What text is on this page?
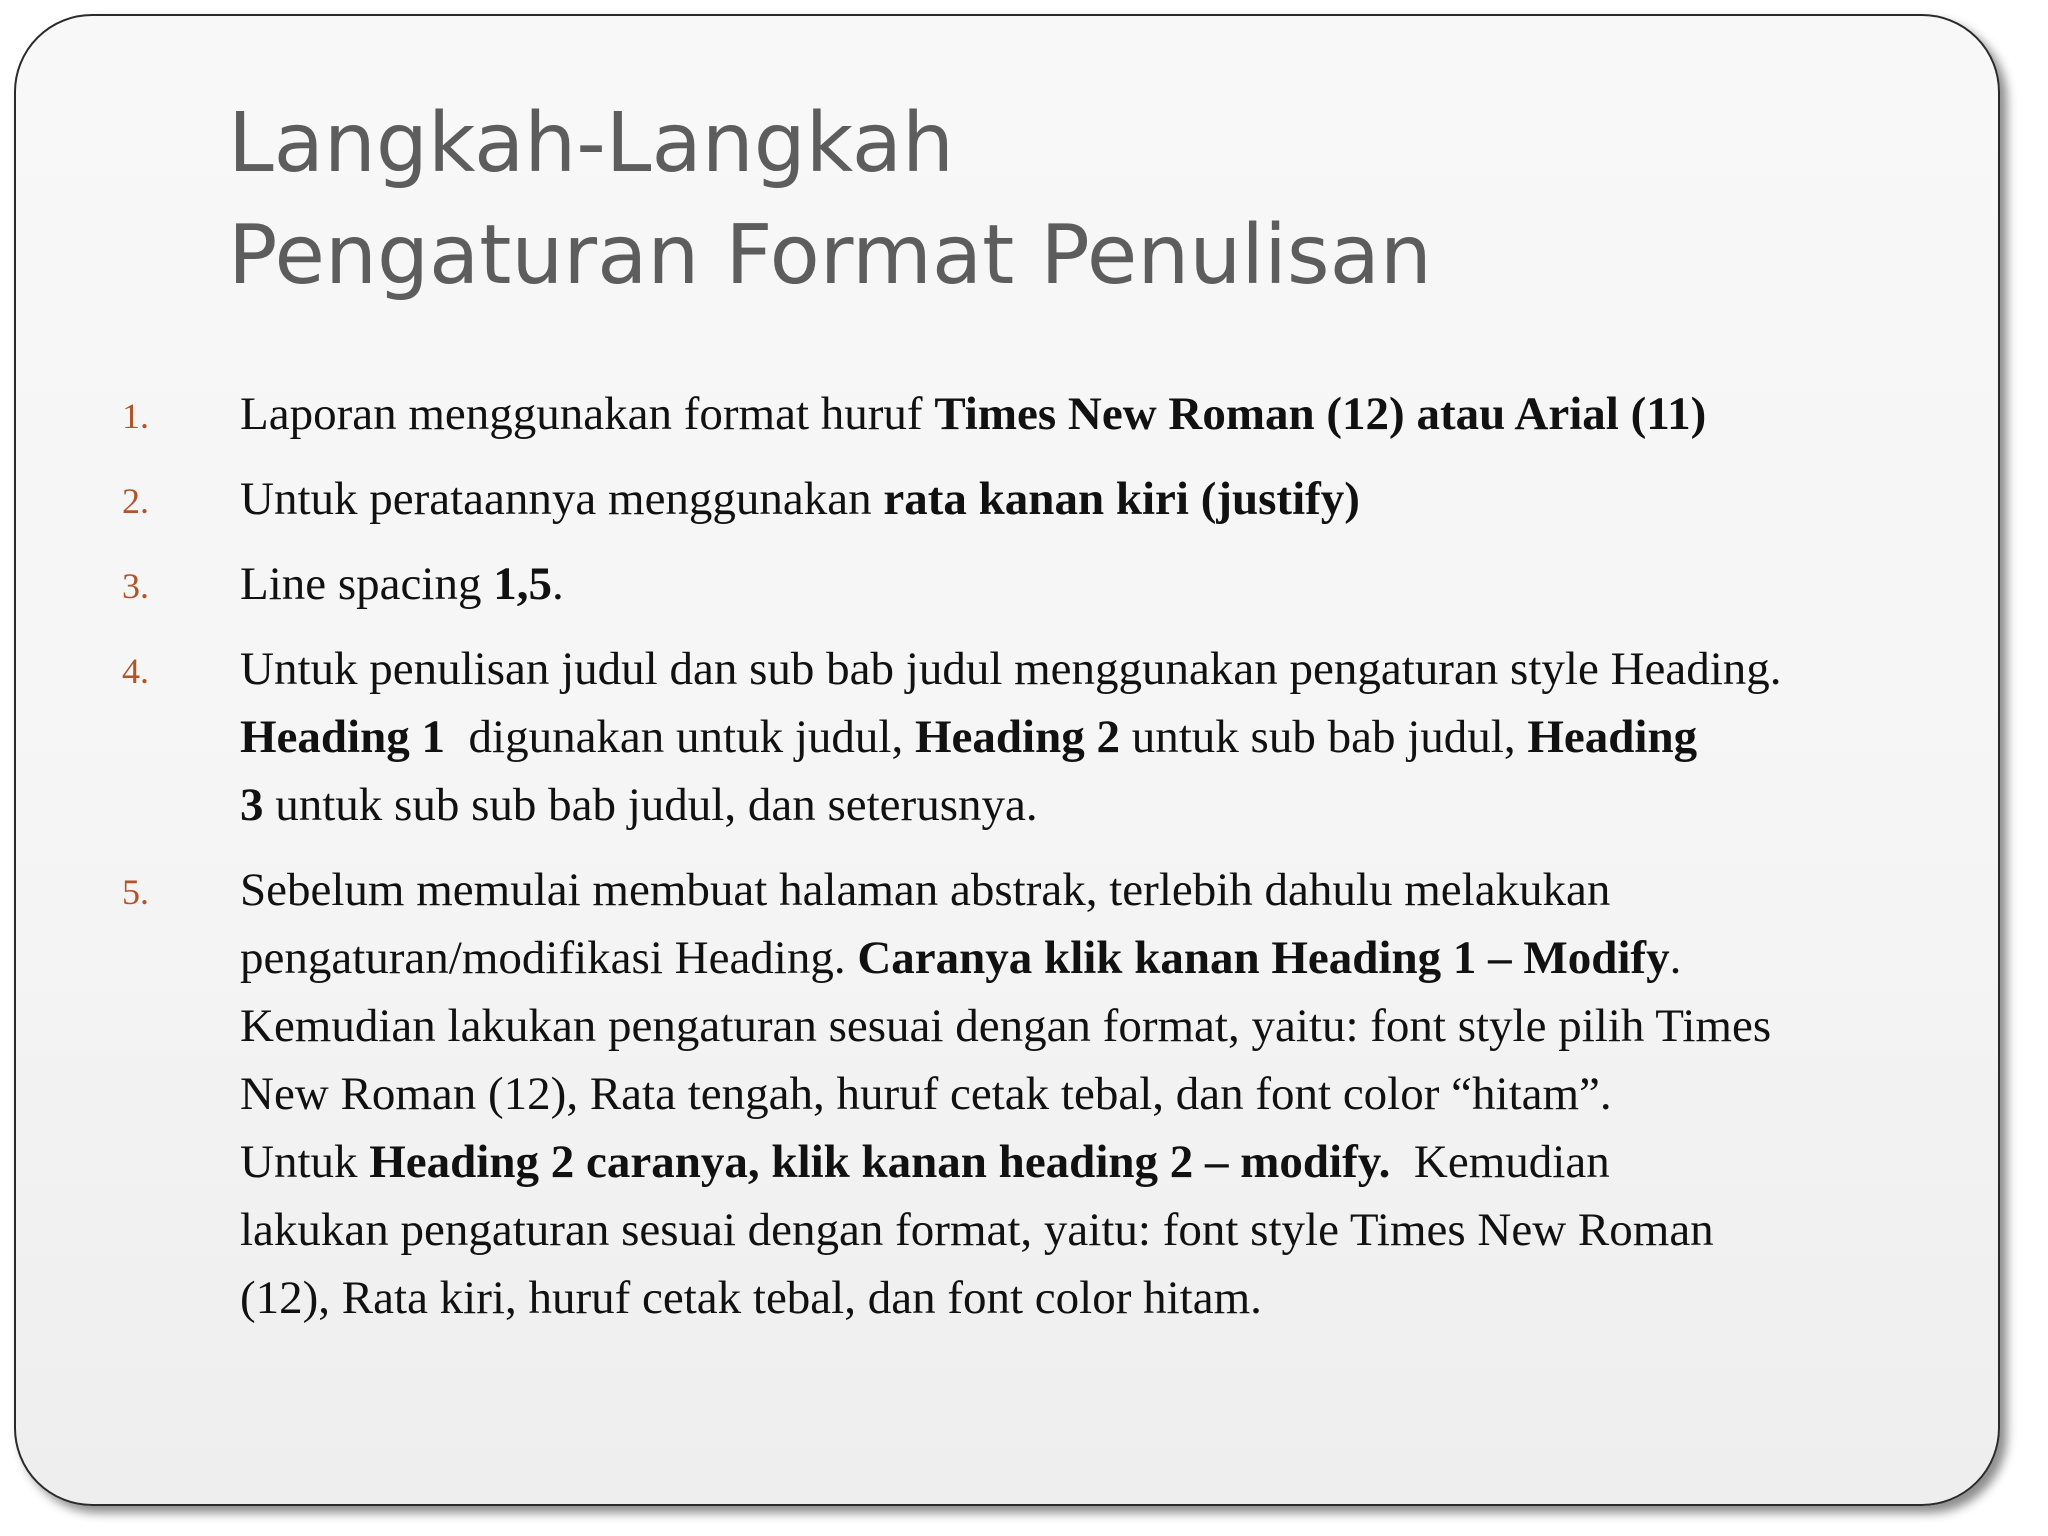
Langkah-Langkah
Pengaturan Format Penulisan
1. Laporan menggunakan format huruf Times New Roman (12) atau Arial (11)
2. Untuk perataannya menggunakan rata kanan kiri (justify)
3. Line spacing 1,5.
4. Untuk penulisan judul dan sub bab judul menggunakan pengaturan style Heading.
Heading 1  digunakan untuk judul, Heading 2 untuk sub bab judul, Heading
3 untuk sub sub bab judul, dan seterusnya.
5. Sebelum memulai membuat halaman abstrak, terlebih dahulu melakukan
pengaturan/modifikasi Heading. Caranya klik kanan Heading 1 – Modify.
Kemudian lakukan pengaturan sesuai dengan format, yaitu: font style pilih Times
New Roman (12), Rata tengah, huruf cetak tebal, dan font color “hitam”.
Untuk Heading 2 caranya, klik kanan heading 2 – modify.  Kemudian
lakukan pengaturan sesuai dengan format, yaitu: font style Times New Roman
(12), Rata kiri, huruf cetak tebal, dan font color hitam.
